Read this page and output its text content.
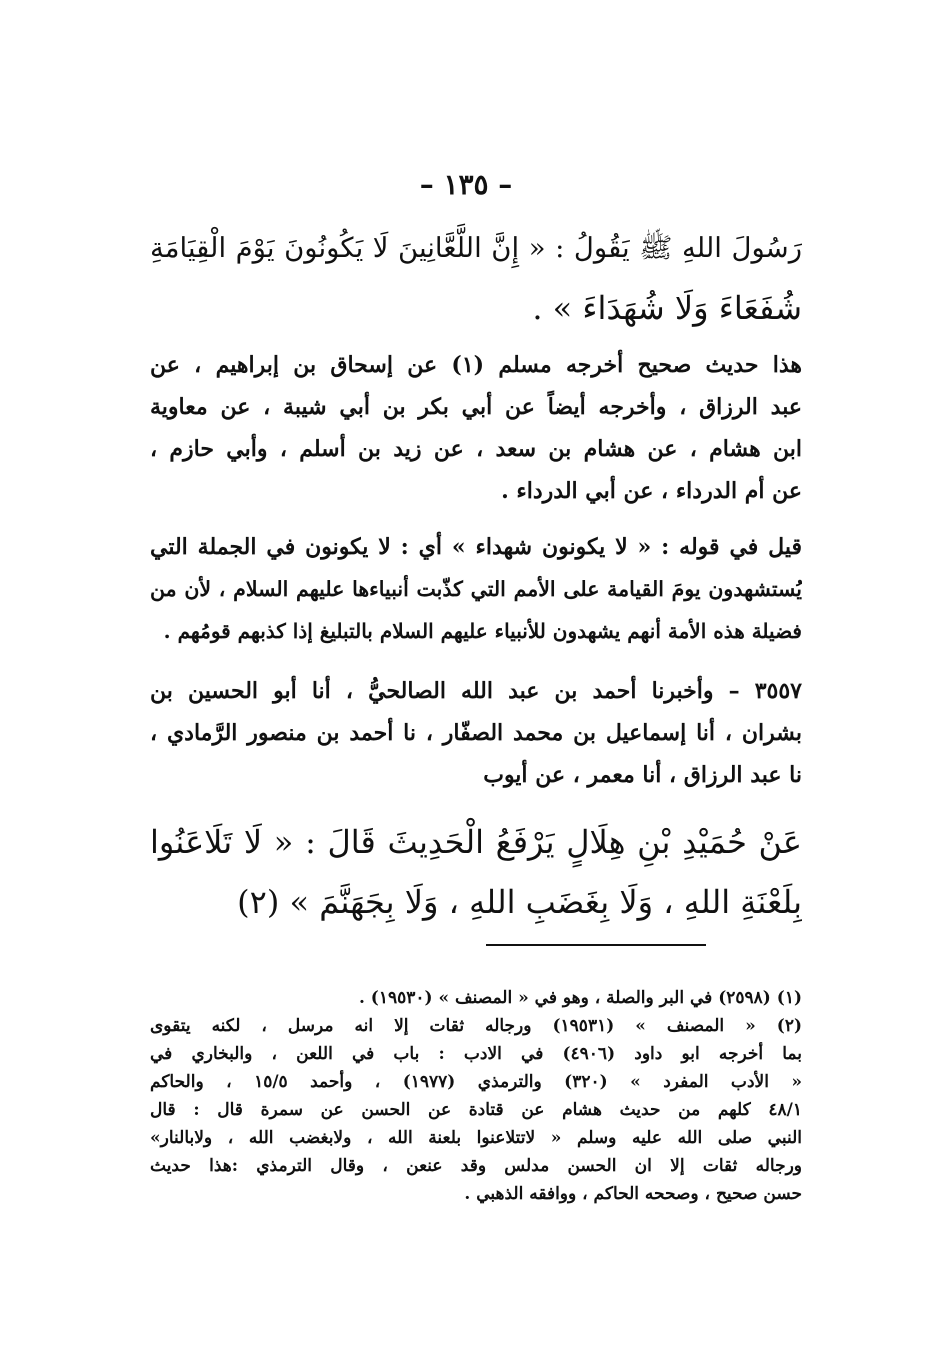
– ١٣٥ –
رَسُولَ اللهِ ﷺ يَقُولُ : « إِنَّ اللَّعَّانِينَ لَا يَكُونُونَ يَوْمَ الْقِيَامَةِ
شُفَعَاءَ وَلَا شُهَدَاءَ » .
هذا حديث صحيح أخرجه مسلم (١) عن إسحاق بن إبراهيم ، عن
عبد الرزاق ، وأخرجه أيضاً عن أبي بكر بن أبي شيبة ، عن معاوية
ابن هشام ، عن هشام بن سعد ، عن زيد بن أسلم ، وأبي حازم ،
عن أم الدرداء ، عن أبي الدرداء .
قيل في قوله : « لا يكونون شهداء » أي : لا يكونون في الجملة التي
يُستشهدون يومَ القيامة على الأمم التي كذّبت أنبياءها عليهم السلام ، لأن من
فضيلة هذه الأمة أنهم يشهدون للأنبياء عليهم السلام بالتبليغ إذا كذبهم قومُهم .
٣٥٥٧ – وأخبرنا أحمد بن عبد الله الصالحيُّ ، أنا أبو الحسين بن
بشران ، أنا إسماعيل بن محمد الصفّار ، نا أحمد بن منصور الرَّمادي ،
نا عبد الرزاق ، أنا معمر ، عن أيوب
عَنْ حُمَيْدِ بْنِ هِلَالٍ يَرْفَعُ الْحَدِيثَ قَالَ : « لَا تَلَاعَنُوا
بِلَعْنَةِ اللهِ ، وَلَا بِغَضَبِ اللهِ ، وَلَا بِجَهَنَّمَ » (٢)
(١) (٢٥٩٨) في البر والصلة ، وهو في « المصنف » (١٩٥٣٠) .
(٢) « المصنف » (١٩٥٣١) ورجاله ثقات إلا انه مرسل ، لكنه يتقوى
بما أخرجه ابو داود (٤٩٠٦) في الادب : باب في اللعن ، والبخاري في
« الأدب المفرد » (٣٢٠) والترمذي (١٩٧٧) ، وأحمد ١٥/٥ ، والحاكم
٤٨/١ كلهم من حديث هشام عن قتادة عن الحسن عن سمرة قال : قال
النبي صلى الله عليه وسلم « لاتتلاعنوا بلعنة الله ، ولابغضب الله ، ولابالنار»
ورجاله ثقات إلا ان الحسن مدلس وقد عنعن ، وقال الترمذي :هذا حديث
حسن صحيح ، وصححه الحاكم ، ووافقه الذهبي .
